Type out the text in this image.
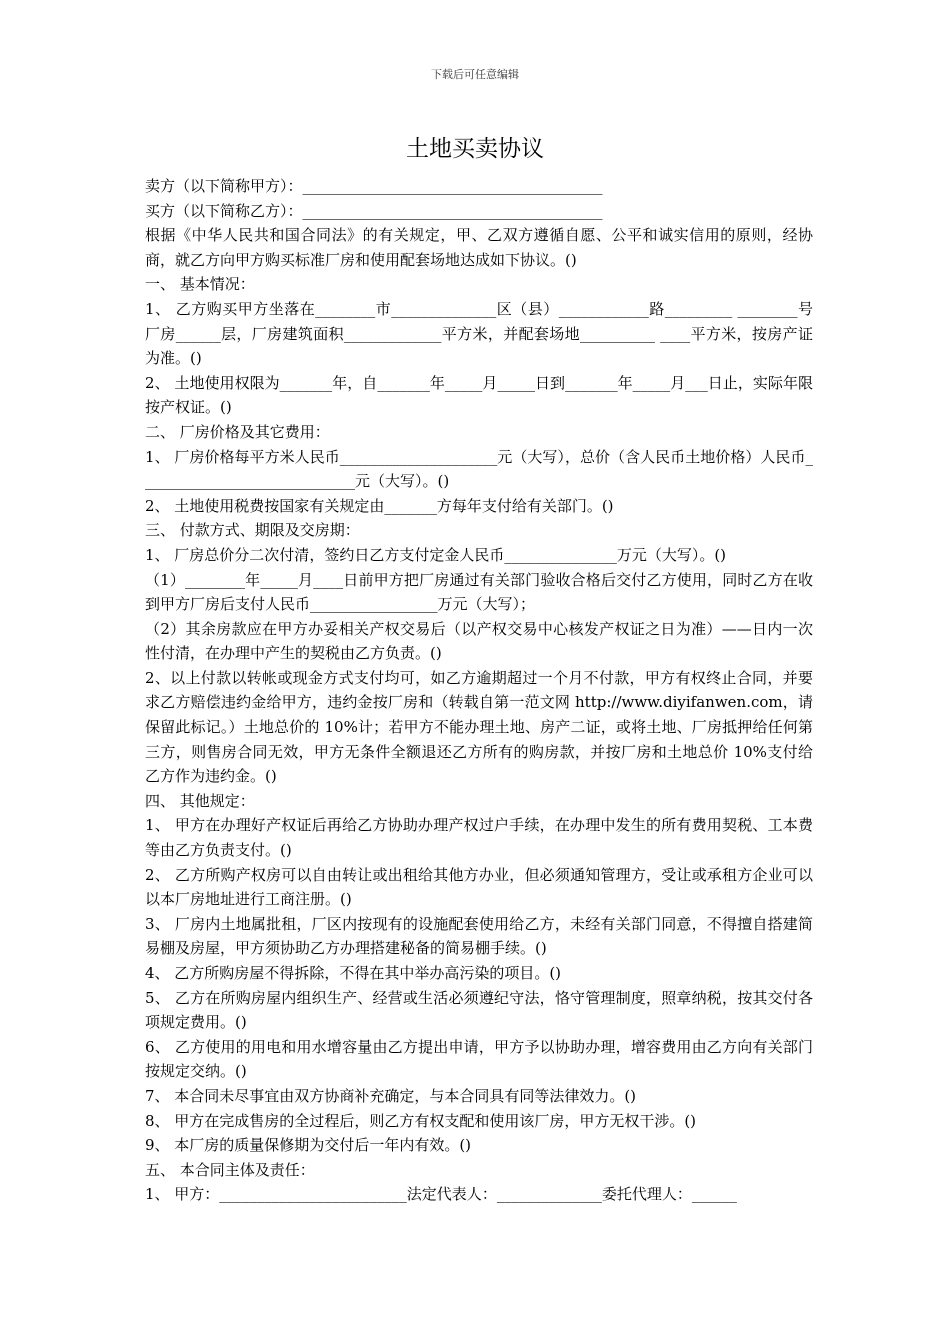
下载后可任意编辑
土地买卖协议

卖方（以下简称甲方）：________________________________________

买方（以下简称乙方）：________________________________________

根据《中华人民共和国合同法》的有关规定，甲、乙双方遵循自愿、公平和诚实信用的原则，经协商，就乙方向甲方购买标准厂房和使用配套场地达成如下协议。()

一、 基本情况：

1、 乙方购买甲方坐落在________市______________区（县）____________路_________ ________号厂房______层，厂房建筑面积_____________平方米，并配套场地__________ ____平方米，按房产证为准。()

2、 土地使用权限为_______年，自_______年_____月_____日到_______年_____月___日止，实际年限按产权证。()

二、 厂房价格及其它费用：

1、 厂房价格每平方米人民币_____________________元（大写），总价（含人民币土地价格）人民币_____________________________元（大写）。()

2、 土地使用税费按国家有关规定由_______方每年支付给有关部门。()

三、 付款方式、期限及交房期：

1、 厂房总价分二次付清，签约日乙方支付定金人民币_______________万元（大写）。()

（1）________年_____月____日前甲方把厂房通过有关部门验收合格后交付乙方使用，同时乙方在收到甲方厂房后支付人民币_________________万元（大写）；

（2）其余房款应在甲方办妥相关产权交易后（以产权交易中心核发产权证之日为准）——日内一次性付清，在办理中产生的契税由乙方负责。()

2、以上付款以转帐或现金方式支付均可，如乙方逾期超过一个月不付款，甲方有权终止合同，并要求乙方赔偿违约金给甲方，违约金按厂房和（转载自第一范文网 http://www.diyifanwen.com，请保留此标记。）土地总价的 10%计；若甲方不能办理土地、房产二证，或将土地、厂房抵押给任何第三方，则售房合同无效，甲方无条件全额退还乙方所有的购房款，并按厂房和土地总价 10%支付给乙方作为违约金。()

四、 其他规定：

1、 甲方在办理好产权证后再给乙方协助办理产权过户手续，在办理中发生的所有费用契税、工本费等由乙方负责支付。()

2、 乙方所购产权房可以自由转让或出租给其他方办业，但必须通知管理方，受让或承租方企业可以以本厂房地址进行工商注册。()

3、 厂房内土地属批租，厂区内按现有的设施配套使用给乙方，未经有关部门同意，不得擅自搭建简易棚及房屋，甲方须协助乙方办理搭建秘备的简易棚手续。()

4、 乙方所购房屋不得拆除，不得在其中举办高污染的项目。()

5、 乙方在所购房屋内组织生产、经营或生活必须遵纪守法，恪守管理制度，照章纳税，按其交付各项规定费用。()

6、 乙方使用的用电和用水增容量由乙方提出申请，甲方予以协助办理，增容费用由乙方向有关部门按规定交纳。()

7、 本合同未尽事宜由双方协商补充确定，与本合同具有同等法律效力。()

8、 甲方在完成售房的全过程后，则乙方有权支配和使用该厂房，甲方无权干涉。()

9、 本厂房的质量保修期为交付后一年内有效。()

五、 本合同主体及责任：

1、 甲方：_________________________法定代表人：______________委托代理人：______
